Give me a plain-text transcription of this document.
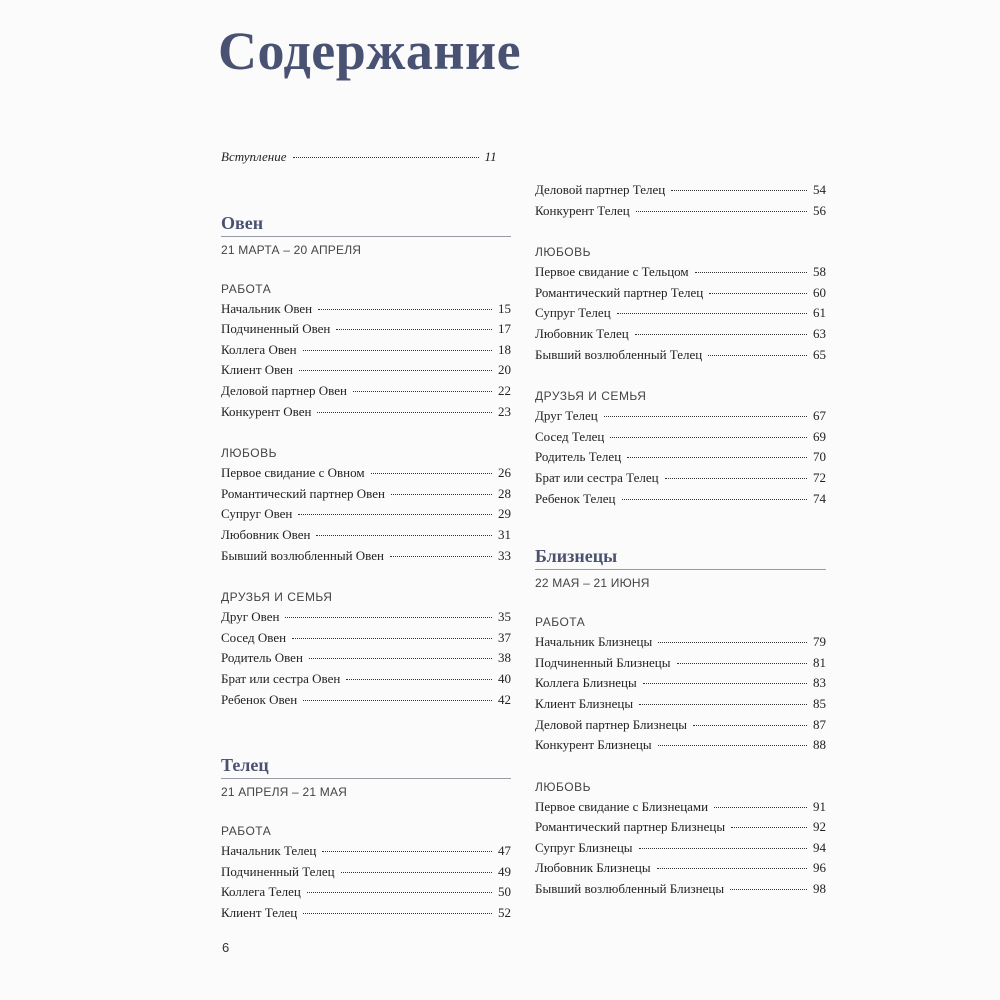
Содержание
Вступление	11
Овен
21 МАРТА – 20 АПРЕЛЯ
РАБОТА
Начальник Овен	15
Подчиненный Овен	17
Коллега Овен	18
Клиент Овен	20
Деловой партнер Овен	22
Конкурент Овен	23
ЛЮБОВЬ
Первое свидание с Овном	26
Романтический партнер Овен	28
Супруг Овен	29
Любовник Овен	31
Бывший возлюбленный Овен	33
ДРУЗЬЯ И СЕМЬЯ
Друг Овен	35
Сосед Овен	37
Родитель Овен	38
Брат или сестра Овен	40
Ребенок Овен	42
Телец
21 АПРЕЛЯ – 21 МАЯ
РАБОТА
Начальник Телец	47
Подчиненный Телец	49
Коллега Телец	50
Клиент Телец	52
Деловой партнер Телец	54
Конкурент Телец	56
ЛЮБОВЬ
Первое свидание с Тельцом	58
Романтический партнер Телец	60
Супруг Телец	61
Любовник Телец	63
Бывший возлюбленный Телец	65
ДРУЗЬЯ И СЕМЬЯ
Друг Телец	67
Сосед Телец	69
Родитель Телец	70
Брат или сестра Телец	72
Ребенок Телец	74
Близнецы
22 МАЯ – 21 ИЮНЯ
РАБОТА
Начальник Близнецы	79
Подчиненный Близнецы	81
Коллега Близнецы	83
Клиент Близнецы	85
Деловой партнер Близнецы	87
Конкурент Близнецы	88
ЛЮБОВЬ
Первое свидание с Близнецами	91
Романтический партнер Близнецы	92
Супруг Близнецы	94
Любовник Близнецы	96
Бывший возлюбленный Близнецы	98
6
